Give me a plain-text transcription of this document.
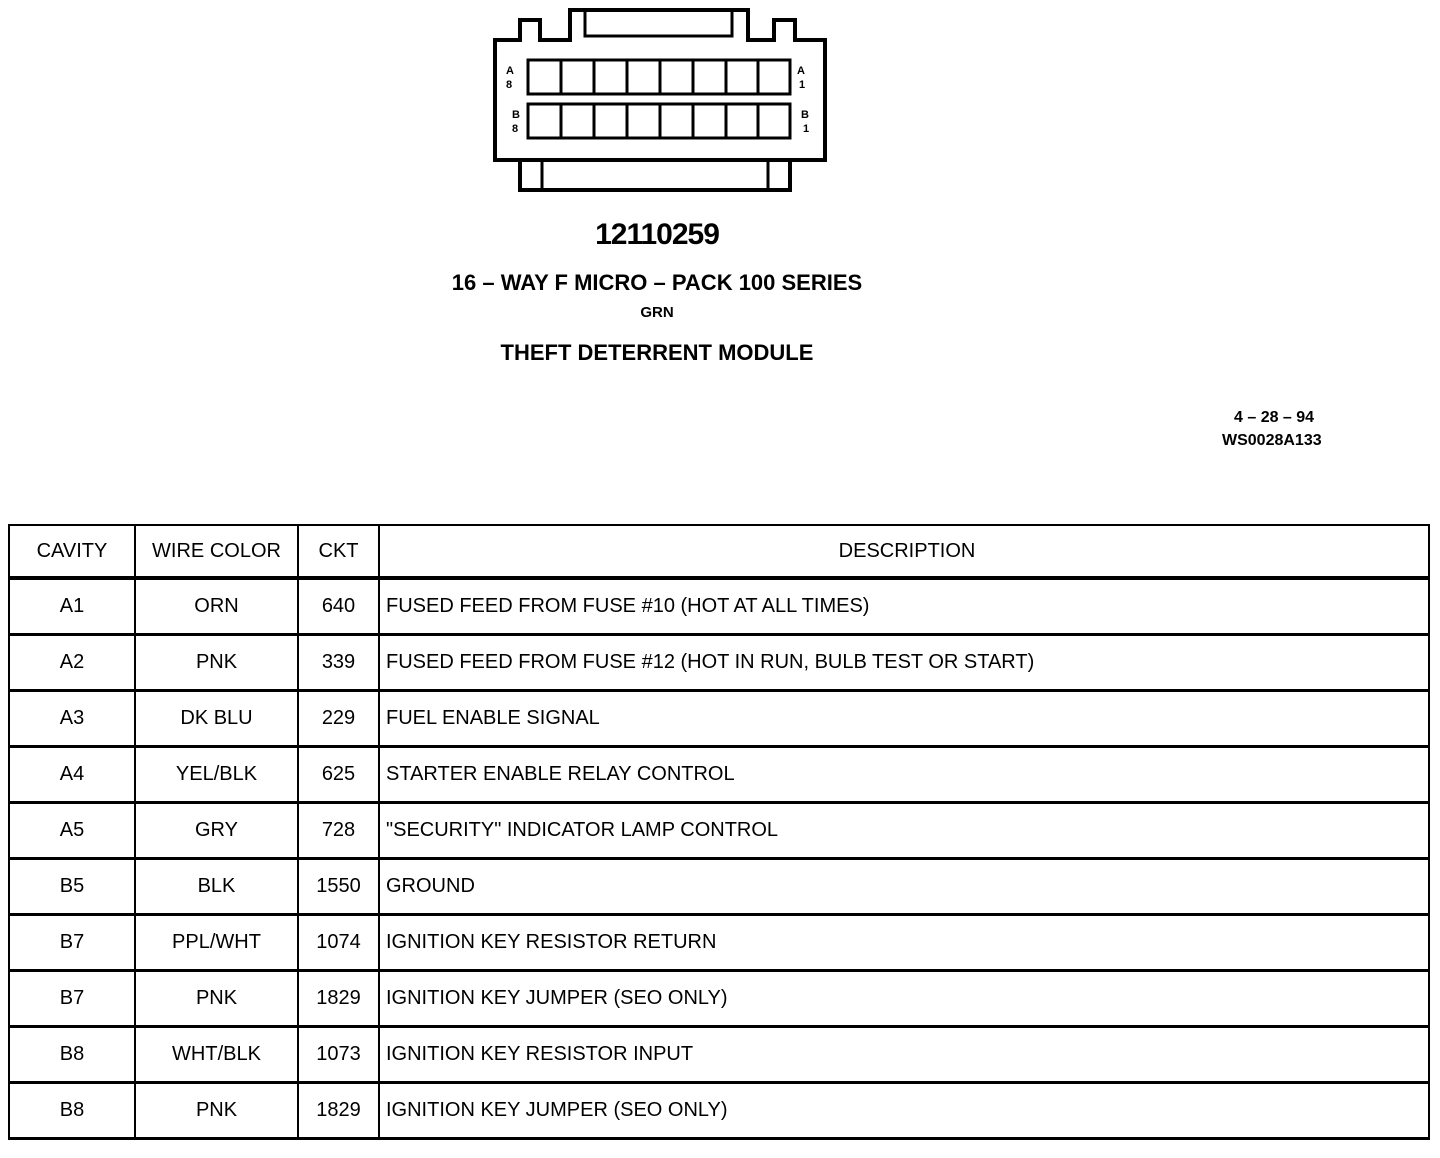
A
8
A
1
B
8
B
1
12110259
16 – WAY F MICRO – PACK 100 SERIES
GRN
THEFT DETERRENT MODULE
4 – 28 – 94
WS0028A133
CAVITY	WIRE COLOR	CKT	DESCRIPTION
A1	ORN	640	FUSED FEED FROM FUSE #10 (HOT AT ALL TIMES)
A2	PNK	339	FUSED FEED FROM FUSE #12 (HOT IN RUN, BULB TEST OR START)
A3	DK BLU	229	FUEL ENABLE SIGNAL
A4	YEL/BLK	625	STARTER ENABLE RELAY CONTROL
A5	GRY	728	"SECURITY" INDICATOR LAMP CONTROL
B5	BLK	1550	GROUND
B7	PPL/WHT	1074	IGNITION KEY RESISTOR RETURN
B7	PNK	1829	IGNITION KEY JUMPER (SEO ONLY)
B8	WHT/BLK	1073	IGNITION KEY RESISTOR INPUT
B8	PNK	1829	IGNITION KEY JUMPER (SEO ONLY)
